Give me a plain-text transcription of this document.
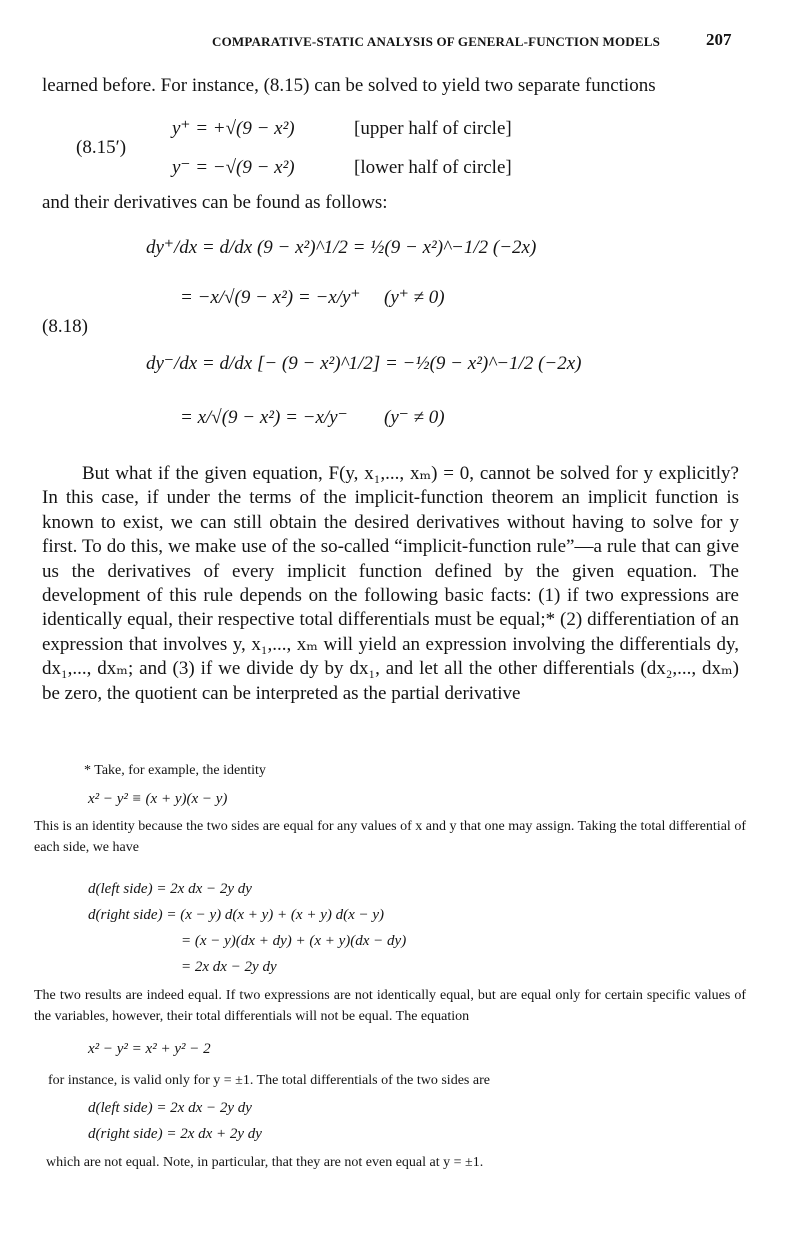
COMPARATIVE-STATIC ANALYSIS OF GENERAL-FUNCTION MODELS	207
learned before. For instance, (8.15) can be solved to yield two separate functions
(8.15′)
y⁺ = +√(9 − x²)	[upper half of circle]
y⁻ = −√(9 − x²)	[lower half of circle]
and their derivatives can be found as follows:
(8.18)
dy⁺/dx = d/dx (9 − x²)^1/2 = ½(9 − x²)^−1/2 (−2x)
= −x/√(9 − x²) = −x/y⁺ (y⁺ ≠ 0)
dy⁻/dx = d/dx [− (9 − x²)^1/2] = −½(9 − x²)^−1/2 (−2x)
= x/√(9 − x²) = −x/y⁻ (y⁻ ≠ 0)

But what if the given equation, F(y, x₁,..., xₘ) = 0, cannot be solved for y explicitly? In this case, if under the terms of the implicit-function theorem an implicit function is known to exist, we can still obtain the desired derivatives without having to solve for y first. To do this, we make use of the so-called “implicit-function rule”—a rule that can give us the derivatives of every implicit function defined by the given equation. The development of this rule depends on the following basic facts: (1) if two expressions are identically equal, their respective total differentials must be equal;* (2) differentiation of an expression that involves y, x₁,..., xₘ will yield an expression involving the differentials dy, dx₁,..., dxₘ; and (3) if we divide dy by dx₁, and let all the other differentials (dx₂,..., dxₘ) be zero, the quotient can be interpreted as the partial derivative

* Take, for example, the identity
x² − y² ≡ (x + y)(x − y)

This is an identity because the two sides are equal for any values of x and y that one may assign. Taking the total differential of each side, we have

d(left side) = 2x dx − 2y dy
d(right side) = (x − y) d(x + y) + (x + y) d(x − y)
= (x − y)(dx + dy) + (x + y)(dx − dy)
= 2x dx − 2y dy

The two results are indeed equal. If two expressions are not identically equal, but are equal only for certain specific values of the variables, however, their total differentials will not be equal. The equation

x² − y² = x² + y² − 2
for instance, is valid only for y = ±1. The total differentials of the two sides are
d(left side) = 2x dx − 2y dy
d(right side) = 2x dx + 2y dy
which are not equal. Note, in particular, that they are not even equal at y = ±1.
